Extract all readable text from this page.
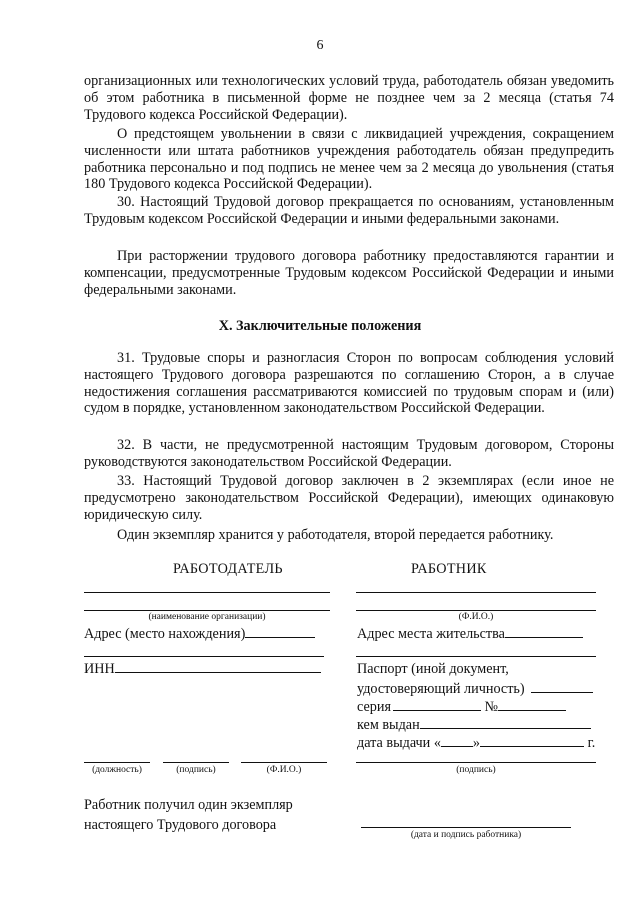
6

организационных или технологических условий труда, работодатель обязан уведомить об этом работника в письменной форме не позднее чем за 2 месяца (статья 74 Трудового кодекса Российской Федерации).

О предстоящем увольнении в связи с ликвидацией учреждения, сокращением численности или штата работников учреждения работодатель обязан предупредить работника персонально и под подпись не менее чем за 2 месяца до увольнения (статья 180 Трудового кодекса Российской Федерации).

30. Настоящий Трудовой договор прекращается по основаниям, установленным Трудовым кодексом Российской Федерации и иными федеральными законами.

При расторжении трудового договора работнику предоставляются гарантии и компенсации, предусмотренные Трудовым кодексом Российской Федерации и иными федеральными законами.

X. Заключительные положения

31. Трудовые споры и разногласия Сторон по вопросам соблюдения условий настоящего Трудового договора разрешаются по соглашению Сторон, а в случае недостижения соглашения рассматриваются комиссией по трудовым спорам и (или) судом в порядке, установленном законодательством Российской Федерации.

32. В части, не предусмотренной настоящим Трудовым договором, Стороны руководствуются законодательством Российской Федерации.

33. Настоящий Трудовой договор заключен в 2 экземплярах (если иное не предусмотрено законодательством Российской Федерации), имеющих одинаковую юридическую силу.

Один экземпляр хранится у работодателя, второй передается работнику.

РАБОТОДАТЕЛЬ
(наименование организации)
Адрес (место нахождения)
ИНН
(должность)	(подпись)	(Ф.И.О.)
РАБОТНИК
(Ф.И.О.)
Адрес места жительства
Паспорт (иной документ,
удостоверяющий личность)
серия	№
кем выдан
дата выдачи « »	г.
(подпись)
Работник получил один экземпляр
настоящего Трудового договора
(дата и подпись работника)
